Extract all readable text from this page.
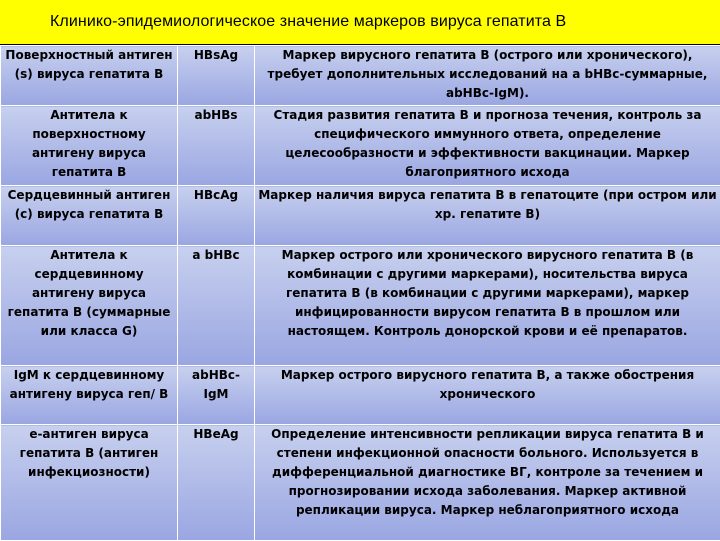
Клинико-эпидемиологическое значение маркеров вируса гепатита В
Поверхностный антиген (s) вируса гепатита В	HBsAg	Маркер вирусного гепатита В (острого или хронического), требует дополнительных исследований на а bHBc-суммарные, abHBc-IgM).
Антитела к поверхностному антигену вируса гепатита В	abHBs	Стадия развития гепатита В и прогноза течения, контроль за специфического иммунного ответа, определение целесообразности и эффективности вакцинации. Маркер благоприятного исхода
Сердцевинный антиген (с) вируса гепатита В	HBcAg	Маркер наличия вируса гепатита В в гепатоците (при остром или хр. гепатите В)
Антитела к сердцевинному антигену вируса гепатита В (суммарные или класса G)	a bHBc	Маркер острого или хронического вирусного гепатита В (в комбинации с другими маркерами), носительства вируса гепатита В (в комбинации с другими маркерами), маркер инфицированности вирусом гепатита В в прошлом или настоящем. Контроль донорской крови и её препаратов.
IgM к сердцевинному антигену вируса геп/ В	abHBc-IgM	Маркер острого вирусного гепатита В, а также обострения хронического
е-антиген вируса гепатита В (антиген инфекциозности)	HBeAg	Определение интенсивности репликации вируса гепатита В и степени инфекционной опасности больного. Используется в дифференциальной диагностике ВГ, контроле за течением и прогнозировании исхода заболевания. Маркер активной репликации вируса. Маркер неблагоприятного исхода
